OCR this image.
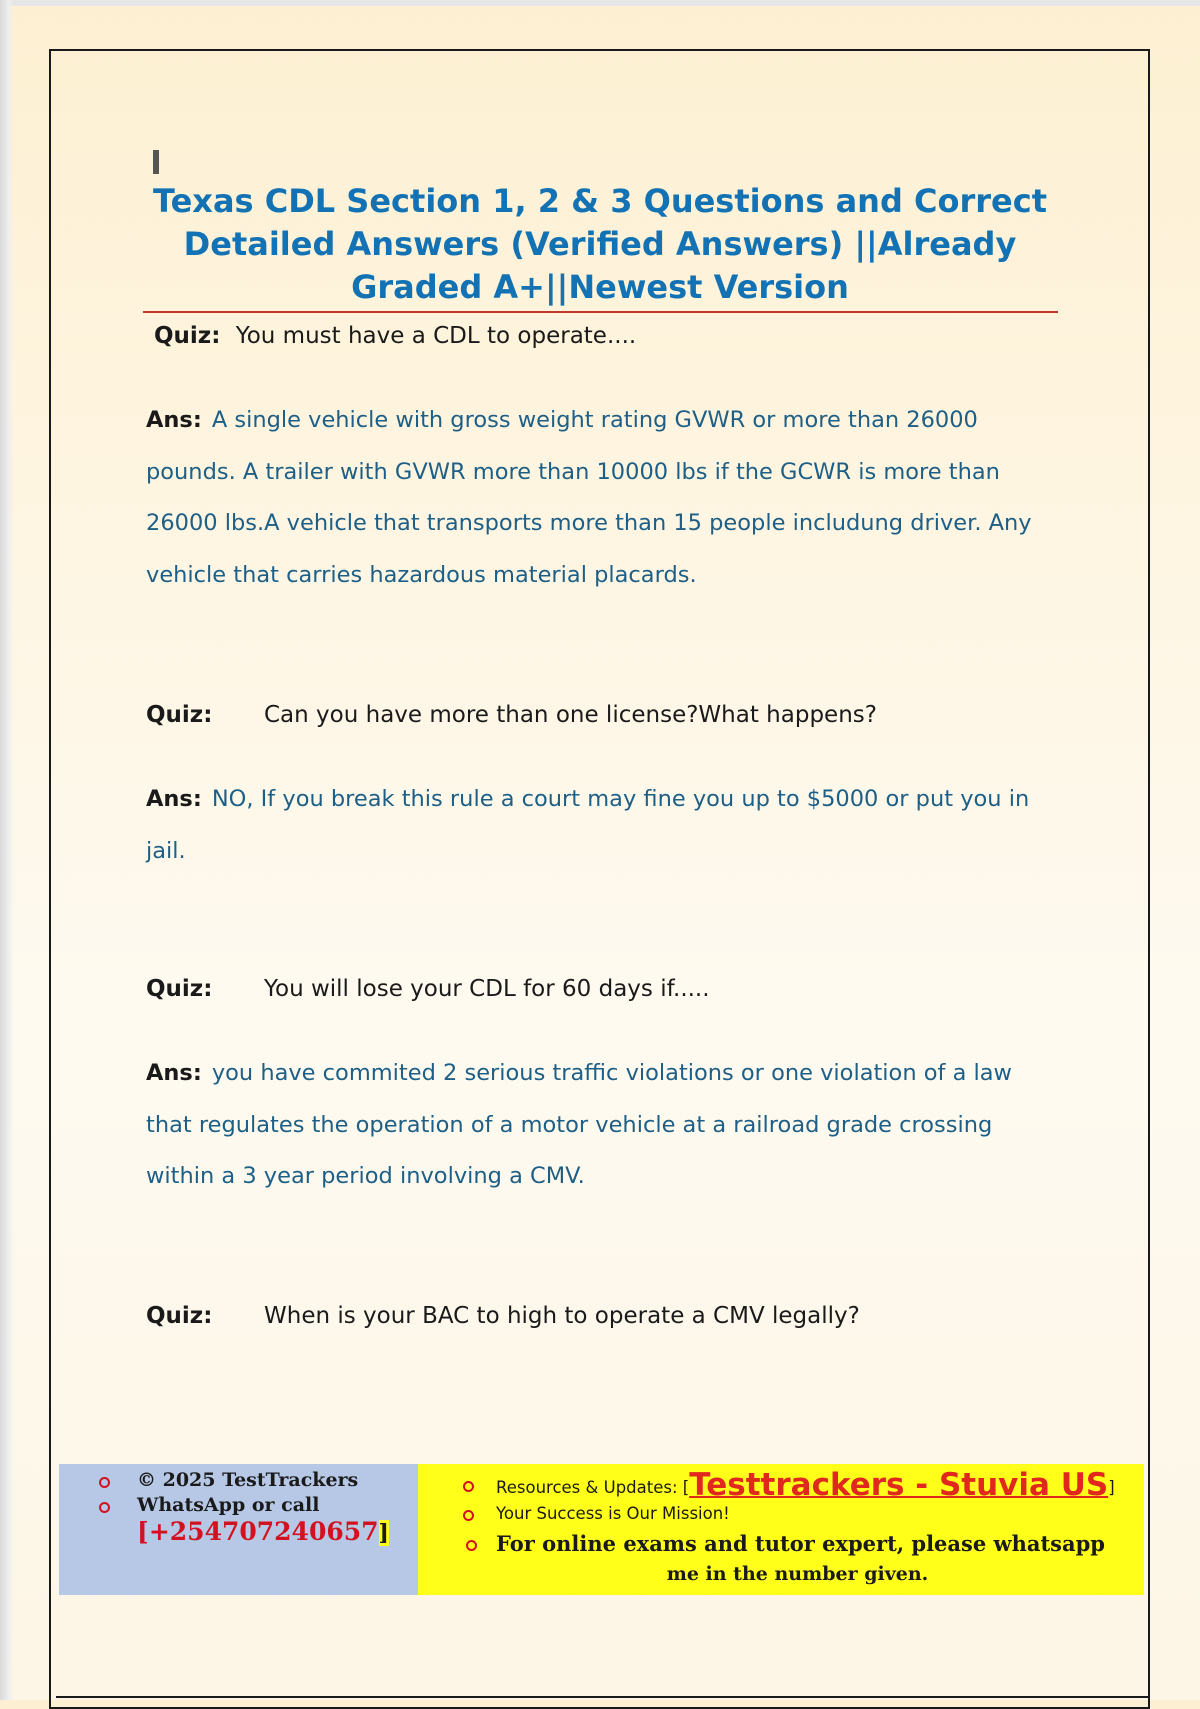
Texas CDL Section 1, 2 & 3 Questions and Correct
Detailed Answers (Verified Answers) ||Already
Graded A+||Newest Version
Quiz: You must have a CDL to operate....
Ans: A single vehicle with gross weight rating GVWR or more than 26000 pounds. A trailer with GVWR more than 10000 lbs if the GCWR is more than 26000 lbs.A vehicle that transports more than 15 people includung driver. Any vehicle that carries hazardous material placards.
Quiz: Can you have more than one license?What happens?
Ans: NO, If you break this rule a court may fine you up to $5000 or put you in jail.
Quiz: You will lose your CDL for 60 days if.....
Ans: you have commited 2 serious traffic violations or one violation of a law that regulates the operation of a motor vehicle at a railroad grade crossing within a 3 year period involving a CMV.
Quiz: When is your BAC to high to operate a CMV legally?
© 2025 TestTrackers
WhatsApp or call
[+254707240657]
Resources & Updates: [Testtrackers - Stuvia US]
Your Success is Our Mission!
For online exams and tutor expert, please whatsapp
me in the number given.
